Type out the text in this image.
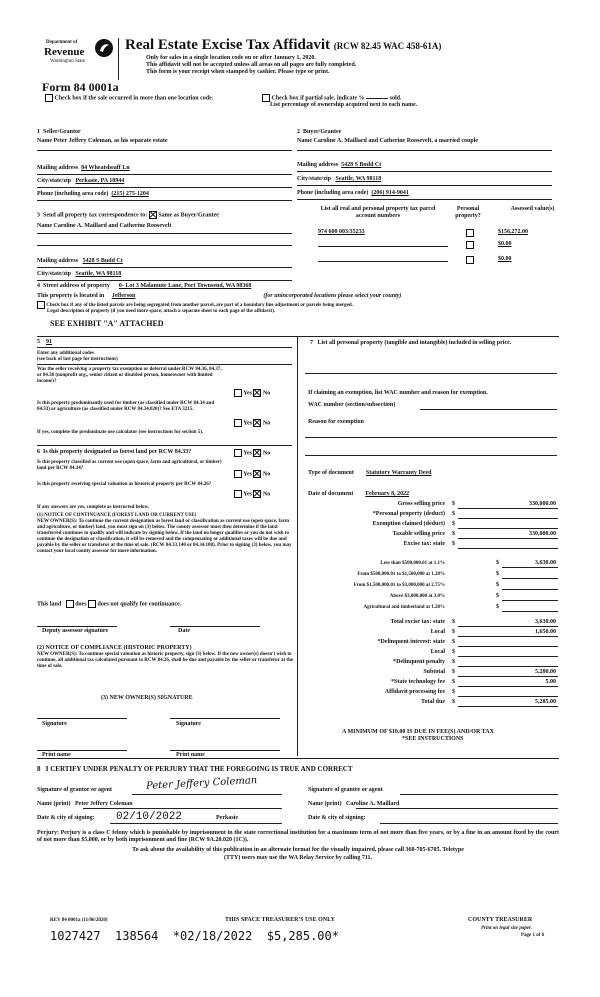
Department of
Revenue
Washington State
Real Estate Excise Tax Affidavit (RCW 82.45 WAC 458-61A)
Only for sales in a single location code on or after January 1, 2020.
This affidavit will not be accepted unless all areas on all pages are fully completed.
This form is your receipt when stamped by cashier. Please type or print.
Form 84 0001a
Check box if the sale occurred in more than one location code.	Check box if partial sale, indicate %	sold.
List percentage of ownership acquired next to each name.
1 Seller/Grantor
Name Peter Jeffery Coleman, as his separate estate
2 Buyer/Grantee
Name Caroline A. Maillard and Catherine Roosevelt, a married couple
Mailing address 84 Wheatsheaff Ln
City/state/zip Perkasie, PA 18944
Phone (including area code) (215) 275-1204
Mailing address 5428 S Budd Ct
City/state/zip Seattle, WA 98118
Phone (including area code) (206) 914-9041
3 Send all property tax correspondence to: Same as Buyer/Grantee
Name Caroline A. Maillard and Catherine Roosevelt
Mailing address 5428 S Budd Ct
City/state/zip Seattle, WA 98118
List all real and personal property tax parcel account numbers
Personal property?
Assessed value(s)
974 600 003/35233	$156,272.00
$0.00
$0.00
4 Street address of property 0- Lot 3 Malamute Lane, Port Townsend, WA 98368
This property is located in Jefferson	(for unincorporated locations please select your county)
Check box if any of the listed parcels are being segregated from another parcel, are part of a boundary line adjustment or parcels being merged.
Legal description of property (if you need more space, attach a separate sheet to each page of the affidavit).
SEE EXHIBIT "A" ATTACHED
5 91
Enter any additional codes
(see back of last page for instructions)
Was the seller receiving a property tax exemption or deferral under RCW 84.36, 84.37, or 84.38 (nonprofit org., senior citizen or disabled person, homeowner with limited income)?
Yes No
Is this property predominantly used for timber (as classified under RCW 84.34 and 84.33) or agriculture (as classified under RCW 84.34.020)? See ETA 3215.
Yes No
If yes, complete the predominate use calculator (see instructions for section 5).
6 Is this property designated as forest land per RCW 84.33?	Yes No
Is this property classified as current use (open space, farm and agricultural, or timber) land per RCW 84.34?
Yes No
Is this property receiving special valuation as historical property per RCW 84.26?
Yes No
If any answers are yes, complete as instructed below.
(1) NOTICE OF CONTINUANCE (FOREST LAND OR CURRENT USE)
NEW OWNER(S): To continue the current designation as forest land or classification as current use (open space, farm and agriculture, or timber) land, you must sign on (3) below. The county assessor must then determine if the land transferred continues to qualify and will indicate by signing below. If the land no longer qualifies or you do not wish to continue the designation or classification, it will be removed and the compensating or additional taxes will be due and payable by the seller or transferor at the time of sale. (RCW 84.33.140 or 84.34.108). Prior to signing (3) below, you may contact your local county assessor for more information.
This land does does not qualify for continuance.
Deputy assessor signature	Date
(2) NOTICE OF COMPLIANCE (HISTORIC PROPERTY)
NEW OWNER(S): To continue special valuation as historic property, sign (3) below. If the new owner(s) doesn't wish to continue, all additional tax calculated pursuant to RCW 84.26, shall be due and payable by the seller or transferor at the time of sale.
(3) NEW OWNER(S) SIGNATURE
Signature	Signature
Print name	Print name
7 List all personal property (tangible and intangible) included in selling price.
If claiming an exemption, list WAC number and reason for exemption.
WAC number (section/subsection)
Reason for exemption
Type of document Statutory Warranty Deed
Date of document February 8, 2022
Gross selling price $	330,000.00
*Personal property (deduct) $
Exemption claimed (deduct) $
Taxable selling price $	330,000.00
Excise tax: state $
Less than $500,000.01 at 1.1%	$	3,630.00
From $500,000.01 to $1,500,000 at 1.28%	$
From $1,500,000.01 to $3,000,000 at 2.75%	$
Above $3,000,000 at 3.0%	$
Agricultural and timberland at 1.28%	$
Total excise tax: state $	3,630.00
Local $	1,650.00
*Delinquent interest: state $
Local $
*Delinquent penalty $
Subtotal $	5,280.00
*State technology fee $	5.00
Affidavit processing fee $
Total due $	5,285.00
A MINIMUM OF $10.00 IS DUE IN FEE(S) AND/OR TAX
*SEE INSTRUCTIONS
8 I CERTIFY UNDER PENALTY OF PERJURY THAT THE FOREGOING IS TRUE AND CORRECT
Signature of grantor or agent	Peter Jeffery Coleman	Signature of grantee or agent
Name (print) Peter Jeffery Coleman	Name (print) Caroline A. Maillard
Date & city of signing: 02/10/2022	Perkasie	Date & city of signing:
Perjury: Perjury is a class C felony which is punishable by imprisonment in the state correctional institution for a maximum term of not more than five years, or by a fine in an amount fixed by the court of not more than $5,000, or by both imprisonment and fine (RCW 9A.20.020 (1C)).
To ask about the availability of this publication in an alternate format for the visually impaired, please call 360-705-6705. Teletype
(TTY) users may use the WA Relay Service by calling 711.
REV 84 0001a (11/06/2020)	THIS SPACE TREASURER'S USE ONLY	COUNTY TREASURER
Print on legal size paper.
Page 1 of 6
1027427  138564  *02/18/2022  $5,285.00*
